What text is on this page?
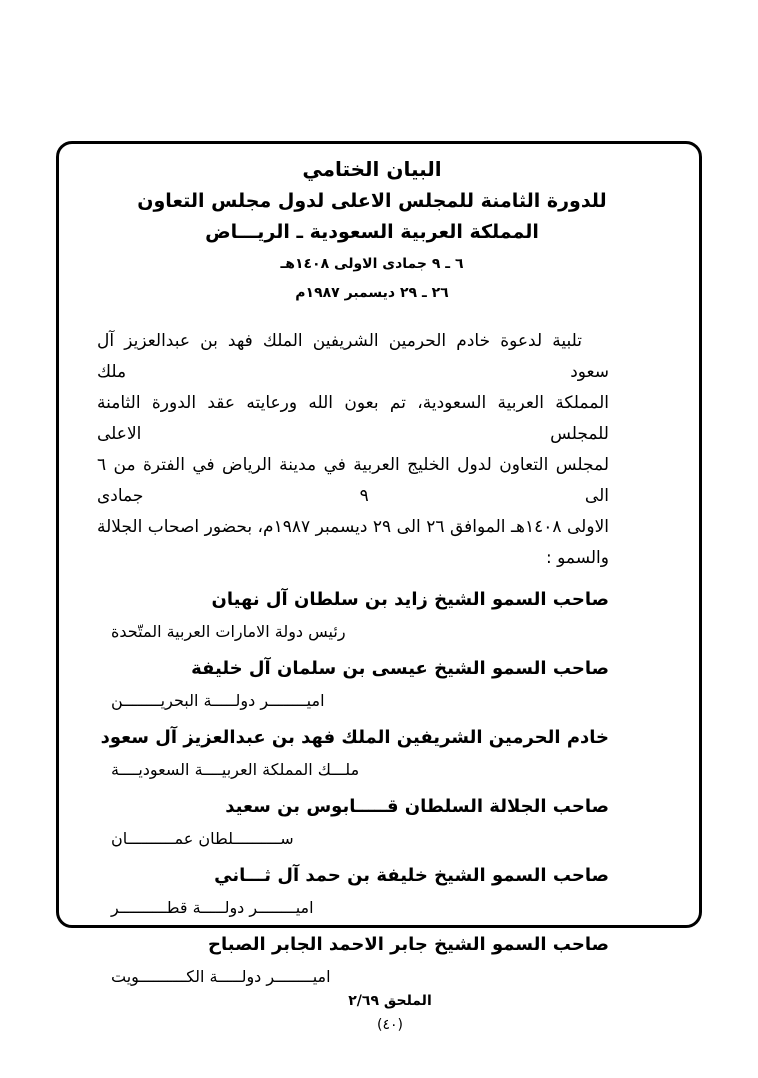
البيان الختامي
للدورة الثامنة للمجلس الاعلى لدول مجلس التعاون
المملكة العربية السعودية ـ الريـــاض
٦ ـ ٩ جمادى الاولى ١٤٠٨هـ
٢٦ ـ ٢٩ ديسمبر ١٩٨٧م
تلبية لدعوة خادم الحرمين الشريفين الملك فهد بن عبدالعزيز آل سعود ملك
المملكة العربية السعودية، تم بعون الله ورعايته عقد الدورة الثامنة للمجلس الاعلى
لمجلس التعاون لدول الخليج العربية في مدينة الرياض في الفترة من ٦ الى ٩ جمادى
الاولى ١٤٠٨هـ الموافق ٢٦ الى ٢٩ ديسمبر ١٩٨٧م، بحضور اصحاب الجلالة
والسمو :
صاحب السمو الشيخ زايد بن سلطان آل نهيان
رئيس دولة الامارات العربية المتّحدة
صاحب السمو الشيخ عيسى بن سلمان آل خليفة
اميــــــــر دولـــــة البحريــــــــن
خادم الحرمين الشريفين الملك فهد بن عبدالعزيز آل سعود
ملـــك المملكة العربيــــة السعوديــــة
صاحب الجلالة السلطان قـــــابوس بن سعيد
ســــــــــلطان عمــــــــــان
صاحب السمو الشيخ خليفة بن حمد آل ثـــاني
اميــــــــر دولـــــة قطــــــــــر
صاحب السمو الشيخ جابر الاحمد الجابر الصباح
اميــــــــر دولـــــة الكــــــــــويت
الملحق ٢/٦٩
(٤٠)
